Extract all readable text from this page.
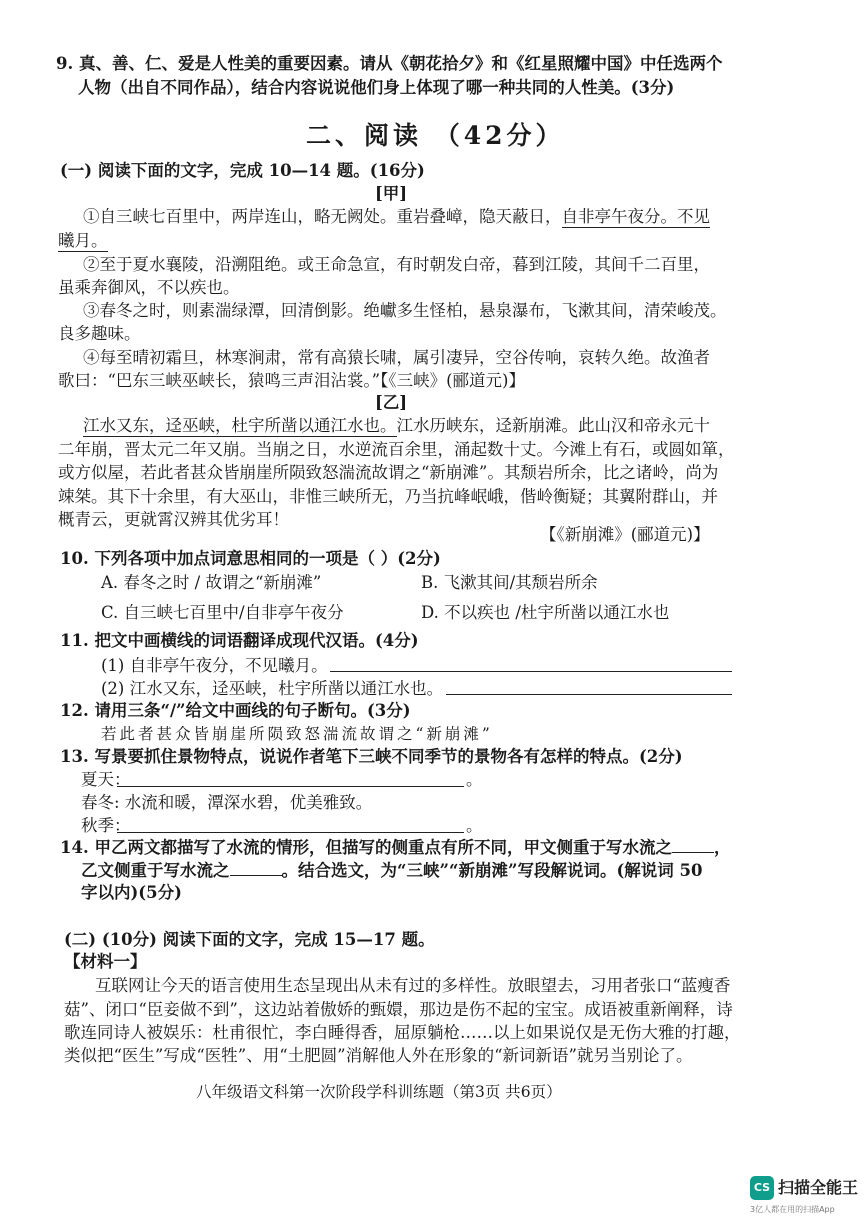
9. 真、善、仁、爱是人性美的重要因素。请从《朝花拾夕》和《红星照耀中国》中任选两个
人物（出自不同作品），结合内容说说他们身上体现了哪一种共同的人性美。(3分)
二、阅读 （42分）
(一) 阅读下面的文字，完成 10—14 题。(16分)
[甲]
①自三峡七百里中，两岸连山，略无阙处。重岩叠嶂，隐天蔽日，自非亭午夜分。不见
曦月。
②至于夏水襄陵，沿溯阻绝。或王命急宣，有时朝发白帝，暮到江陵，其间千二百里，
虽乘奔御风，不以疾也。
③春冬之时，则素湍绿潭，回清倒影。绝巘多生怪柏，悬泉瀑布，飞漱其间，清荣峻茂。
良多趣味。
④每至晴初霜旦，林寒涧肃，常有高猿长啸，属引凄异，空谷传响，哀转久绝。故渔者
歌曰：“巴东三峡巫峡长，猿鸣三声泪沾裳。”【《三峡》(郦道元)】
[乙]
江水又东，迳巫峡，杜宇所凿以通江水也。江水历峡东，迳新崩滩。此山汉和帝永元十
二年崩，晋太元二年又崩。当崩之日，水逆流百余里，涌起数十丈。今滩上有石，或圆如箪，
或方似屋，若此者甚众皆崩崖所陨致怒湍流故谓之“新崩滩”。其颓岩所余，比之诸岭，尚为
竦桀。其下十余里，有大巫山，非惟三峡所无，乃当抗峰岷峨，偕岭衡疑；其翼附群山，并
概青云，更就霄汉辨其优劣耳！
【《新崩滩》(郦道元)】
10. 下列各项中加点词意思相同的一项是（ ）(2分)
A. 春冬之时 / 故谓之“新崩滩”	B. 飞漱其间/其颓岩所余
C. 自三峡七百里中/自非亭午夜分	D. 不以疾也 /杜宇所凿以通江水也
11. 把文中画横线的词语翻译成现代汉语。(4分)
(1) 自非亭午夜分，不见曦月。
(2) 江水又东，迳巫峡，杜宇所凿以通江水也。
12. 请用三条“/”给文中画线的句子断句。(3分)
若此者甚众皆崩崖所陨致怒湍流故谓之“新崩滩”
13. 写景要抓住景物特点，说说作者笔下三峡不同季节的景物各有怎样的特点。(2分)
夏天：	。
春冬: 水流和暖，潭深水碧，优美雅致。
秋季：	。
14. 甲乙两文都描写了水流的情形，但描写的侧重点有所不同，甲文侧重于写水流之	，
乙文侧重于写水流之	。结合选文，为“三峡”“新崩滩”写段解说词。(解说词 50
字以内)(5分)
(二) (10分) 阅读下面的文字，完成 15—17 题。
【材料一】
互联网让今天的语言使用生态呈现出从未有过的多样性。放眼望去，习用者张口“蓝瘦香
菇”、闭口“臣妾做不到”，这边站着傲娇的甄嬛，那边是伤不起的宝宝。成语被重新阐释，诗
歌连同诗人被娱乐：杜甫很忙，李白睡得香，屈原躺枪……以上如果说仅是无伤大雅的打趣，
类似把“医生”写成“医牲”、用“土肥圆”消解他人外在形象的“新词新语”就另当别论了。
八年级语文科第一次阶段学科训练题（第3页 共6页）
CS 扫描全能王
3亿人都在用的扫描App
